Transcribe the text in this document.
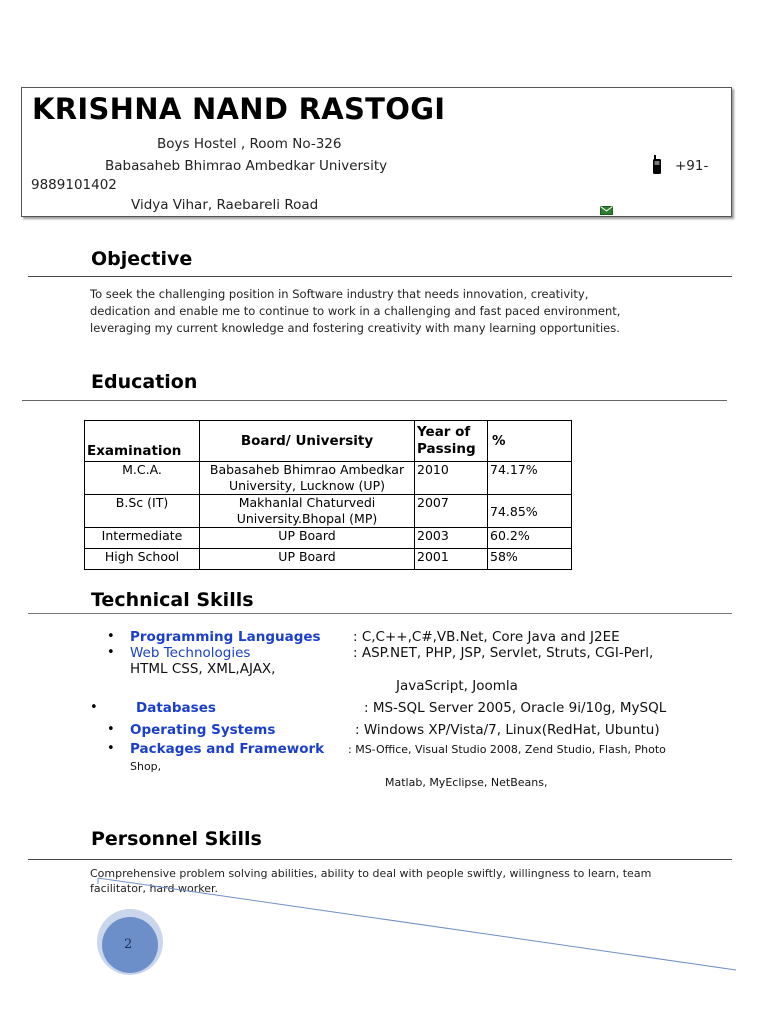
KRISHNA NAND RASTOGI
Boys Hostel , Room No-326
Babasaheb Bhimrao Ambedkar University	+91-
9889101402
Vidya Vihar, Raebareli Road
Objective
To seek the challenging position in Software industry that needs innovation, creativity,
dedication and enable me to continue to work in a challenging and fast paced environment,
leveraging my current knowledge and fostering creativity with many learning opportunities.
Education
Examination	Board/ University	Year of Passing	%
M.C.A.	Babasaheb Bhimrao Ambedkar University, Lucknow (UP)	2010	74.17%
B.Sc (IT)	Makhanlal Chaturvedi University.Bhopal (MP)	2007	74.85%
Intermediate	UP Board	2003	60.2%
High School	UP Board	2001	58%
Technical Skills
• Programming Languages : C,C++,C#,VB.Net, Core Java and J2EE
• Web Technologies	: ASP.NET, PHP, JSP, Servlet, Struts, CGI-Perl,
HTML CSS, XML,AJAX,
JavaScript, Joomla
•	Databases	: MS-SQL Server 2005, Oracle 9i/10g, MySQL
• Operating Systems	: Windows XP/Vista/7, Linux(RedHat, Ubuntu)
• Packages and Framework : MS-Office, Visual Studio 2008, Zend Studio, Flash, Photo
Shop,
Matlab, MyEclipse, NetBeans,
Personnel Skills
Comprehensive problem solving abilities, ability to deal with people swiftly, willingness to learn, team
facilitator, hard worker.
2
